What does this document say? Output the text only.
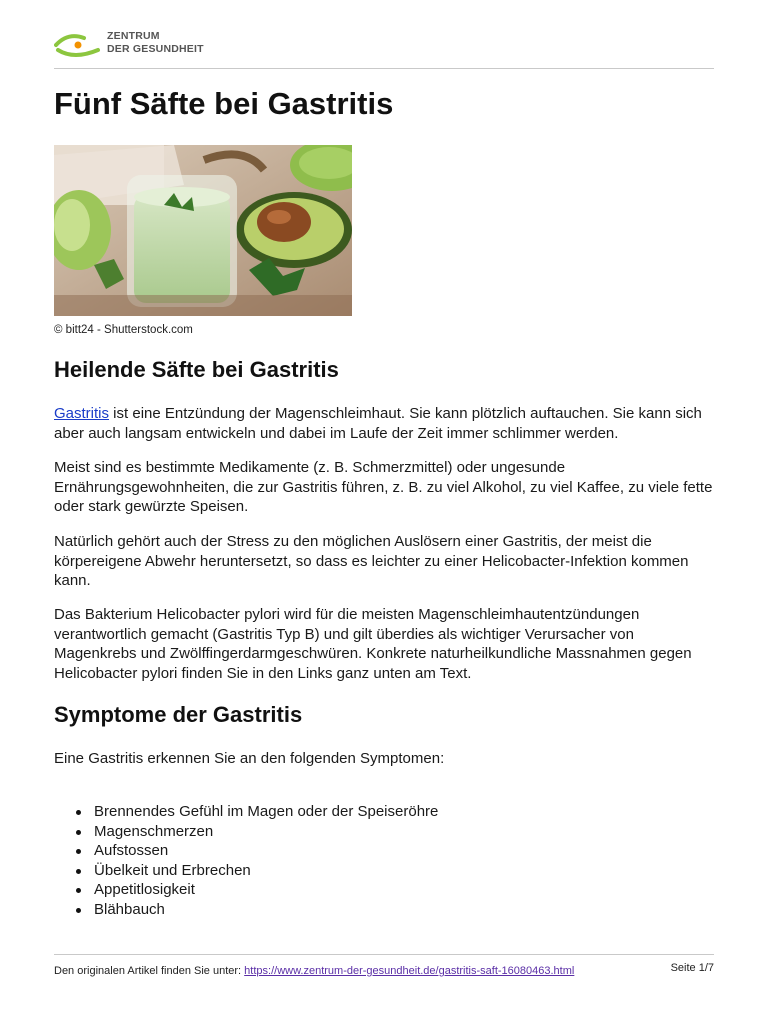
ZENTRUM
DER GESUNDHEIT
Fünf Säfte bei Gastritis
© bitt24 - Shutterstock.com
Heilende Säfte bei Gastritis

Gastritis ist eine Entzündung der Magenschleimhaut. Sie kann plötzlich auftauchen. Sie kann sich aber auch langsam entwickeln und dabei im Laufe der Zeit immer schlimmer werden.

Meist sind es bestimmte Medikamente (z. B. Schmerzmittel) oder ungesunde Ernährungsgewohnheiten, die zur Gastritis führen, z. B. zu viel Alkohol, zu viel Kaffee, zu viele fette oder stark gewürzte Speisen.

Natürlich gehört auch der Stress zu den möglichen Auslösern einer Gastritis, der meist die körpereigene Abwehr heruntersetzt, so dass es leichter zu einer Helicobacter-Infektion kommen kann.

Das Bakterium Helicobacter pylori wird für die meisten Magenschleimhautentzündungen verantwortlich gemacht (Gastritis Typ B) und gilt überdies als wichtiger Verursacher von Magenkrebs und Zwölffingerdarmgeschwüren. Konkrete naturheilkundliche Massnahmen gegen Helicobacter pylori finden Sie in den Links ganz unten am Text.

Symptome der Gastritis

Eine Gastritis erkennen Sie an den folgenden Symptomen:

Brennendes Gefühl im Magen oder der Speiseröhre
Magenschmerzen
Aufstossen
Übelkeit und Erbrechen
Appetitlosigkeit
Blähbauch
Den originalen Artikel finden Sie unter: https://www.zentrum-der-gesundheit.de/gastritis-saft-16080463.html	Seite 1/7
